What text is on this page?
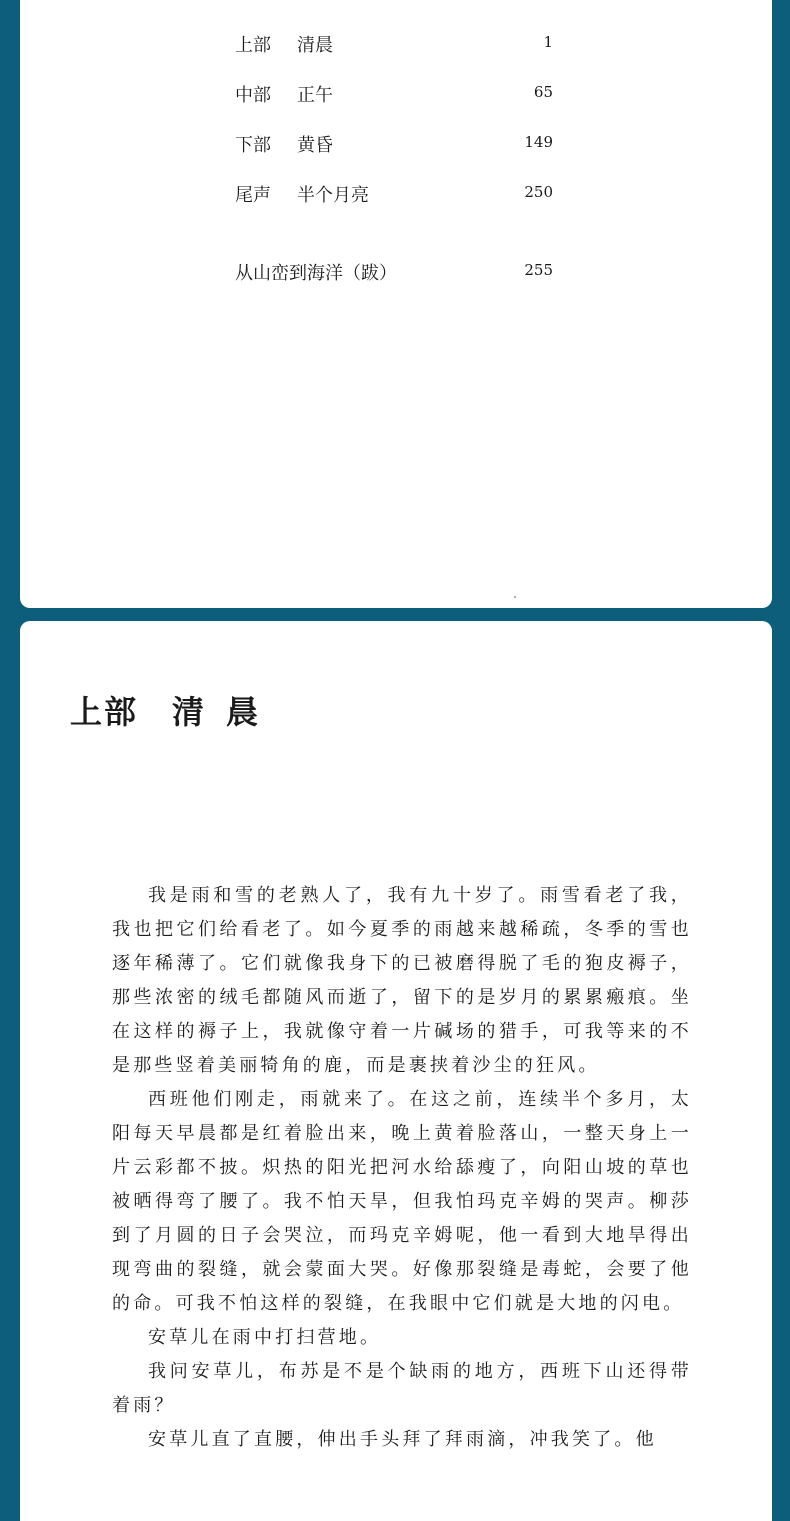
上部 清晨	1
中部 正午	65
下部 黄昏	149
尾声 半个月亮	250
从山峦到海洋（跋）	255
上部 清晨

我是雨和雪的老熟人了，我有九十岁了。雨雪看老了我，我也把它们给看老了。如今夏季的雨越来越稀疏，冬季的雪也逐年稀薄了。它们就像我身下的已被磨得脱了毛的狍皮褥子，那些浓密的绒毛都随风而逝了，留下的是岁月的累累瘢痕。坐在这样的褥子上，我就像守着一片碱场的猎手，可我等来的不是那些竖着美丽犄角的鹿，而是裹挟着沙尘的狂风。

西班他们刚走，雨就来了。在这之前，连续半个多月，太阳每天早晨都是红着脸出来，晚上黄着脸落山，一整天身上一片云彩都不披。炽热的阳光把河水给舔瘦了，向阳山坡的草也被晒得弯了腰了。我不怕天旱，但我怕玛克辛姆的哭声。柳莎到了月圆的日子会哭泣，而玛克辛姆呢，他一看到大地旱得出现弯曲的裂缝，就会蒙面大哭。好像那裂缝是毒蛇，会要了他的命。可我不怕这样的裂缝，在我眼中它们就是大地的闪电。

安草儿在雨中打扫营地。

我问安草儿，布苏是不是个缺雨的地方，西班下山还得带着雨？

安草儿直了直腰，伸出手头拜了拜雨滴，冲我笑了。他
